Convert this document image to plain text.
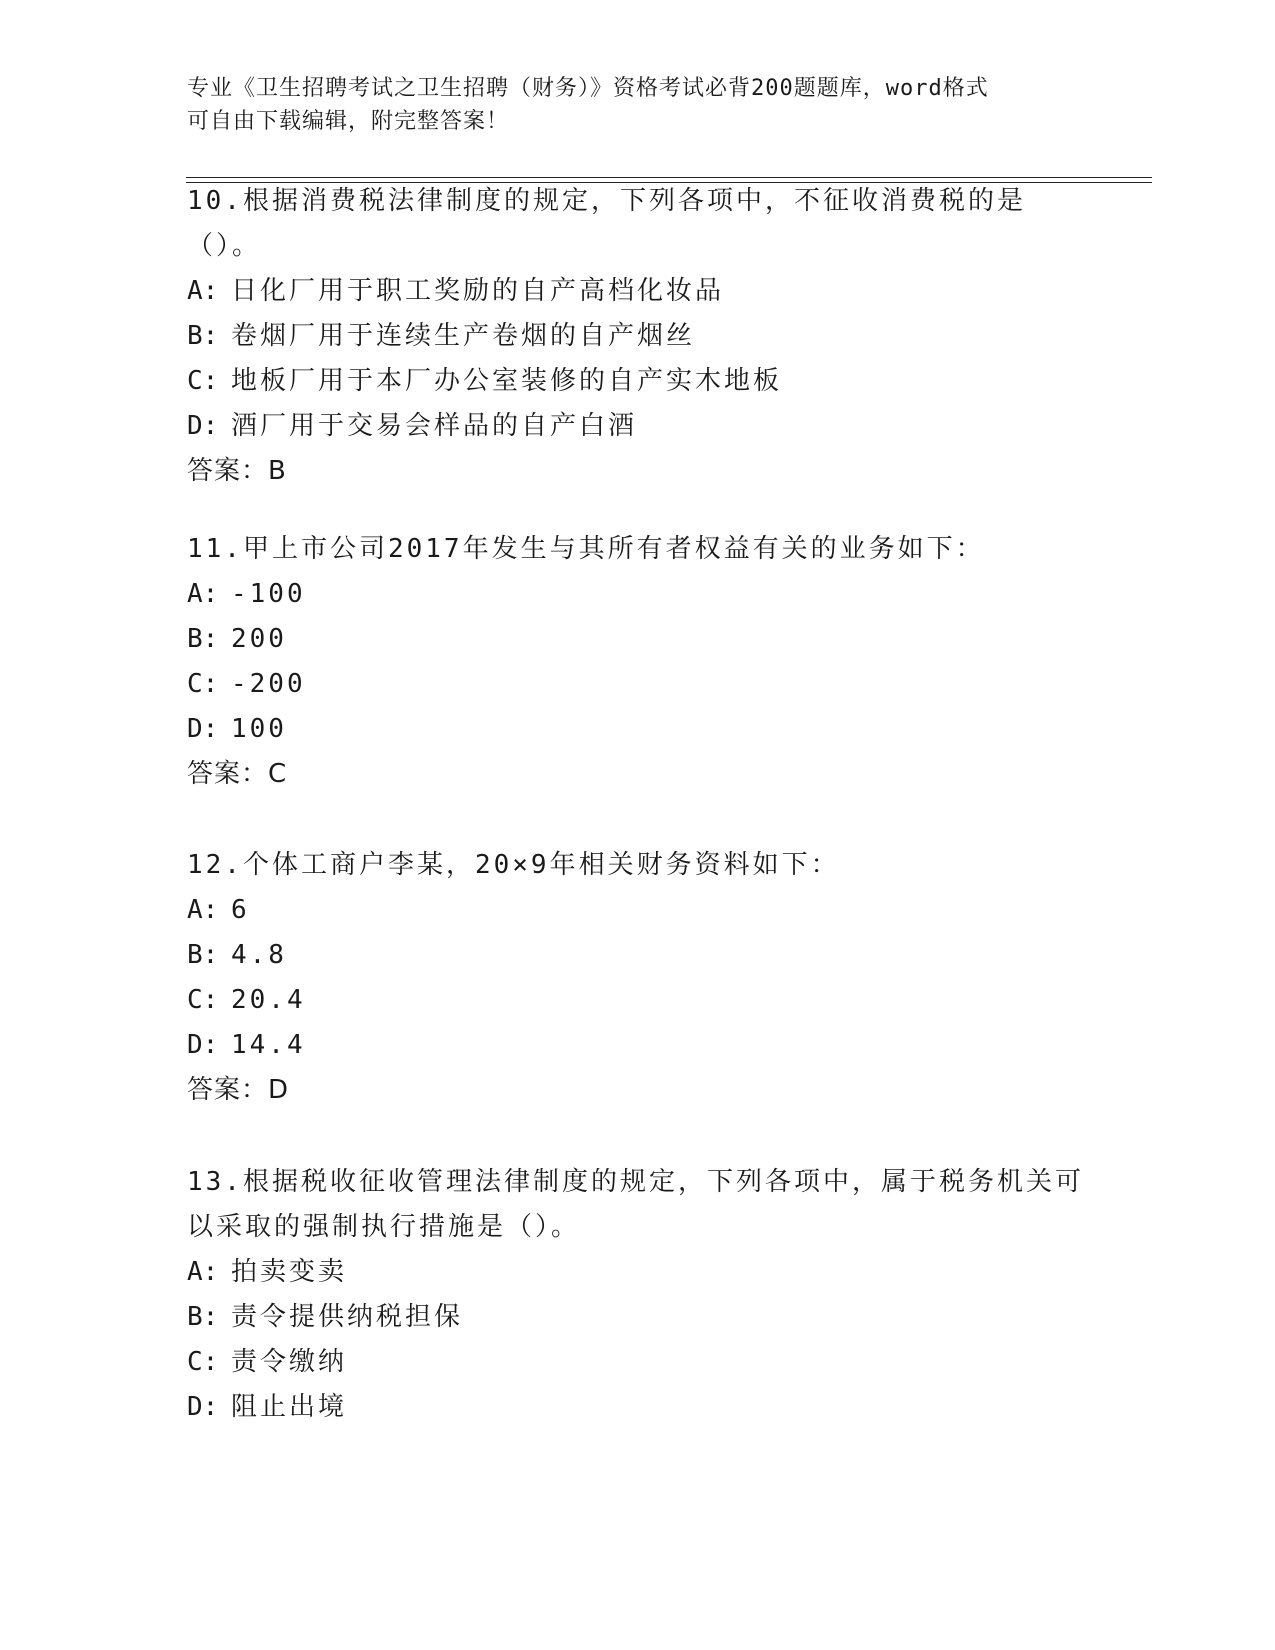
专业《卫生招聘考试之卫生招聘（财务）》资格考试必背200题题库，word格式
可自由下载编辑，附完整答案！

10.根据消费税法律制度的规定，下列各项中，不征收消费税的是（）。

A: 日化厂用于职工奖励的自产高档化妆品
B: 卷烟厂用于连续生产卷烟的自产烟丝
C: 地板厂用于本厂办公室装修的自产实木地板
D: 酒厂用于交易会样品的自产白酒
答案：B

11.甲上市公司2017年发生与其所有者权益有关的业务如下：

A: -100
B: 200
C: -200
D: 100
答案：C

12.个体工商户李某，20×9年相关财务资料如下：

A: 6
B: 4.8
C: 20.4
D: 14.4
答案：D

13.根据税收征收管理法律制度的规定，下列各项中，属于税务机关可以采取的强制执行措施是（）。

A: 拍卖变卖
B: 责令提供纳税担保
C: 责令缴纳
D: 阻止出境
